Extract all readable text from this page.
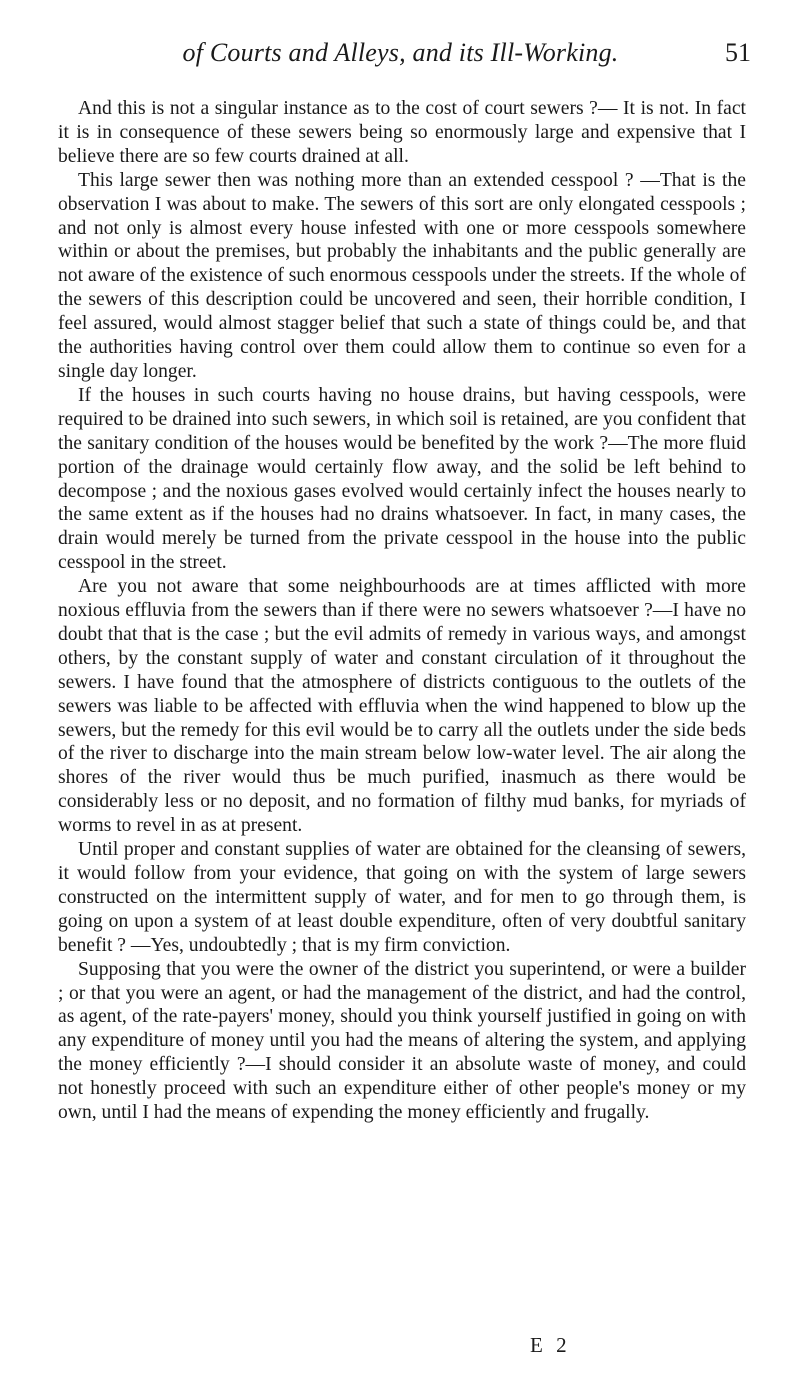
of Courts and Alleys, and its Ill-Working.	51

And this is not a singular instance as to the cost of court sewers ?— It is not. In fact it is in consequence of these sewers being so enormously large and expensive that I believe there are so few courts drained at all.

This large sewer then was nothing more than an extended cesspool ? —That is the observation I was about to make. The sewers of this sort are only elongated cesspools ; and not only is almost every house infested with one or more cesspools somewhere within or about the premises, but probably the inhabitants and the public generally are not aware of the existence of such enormous cesspools under the streets. If the whole of the sewers of this description could be uncovered and seen, their horrible condition, I feel assured, would almost stagger belief that such a state of things could be, and that the authorities having control over them could allow them to continue so even for a single day longer.

If the houses in such courts having no house drains, but having cesspools, were required to be drained into such sewers, in which soil is retained, are you confident that the sanitary condition of the houses would be benefited by the work ?—The more fluid portion of the drainage would certainly flow away, and the solid be left behind to decompose ; and the noxious gases evolved would certainly infect the houses nearly to the same extent as if the houses had no drains whatsoever. In fact, in many cases, the drain would merely be turned from the private cesspool in the house into the public cesspool in the street.

Are you not aware that some neighbourhoods are at times afflicted with more noxious effluvia from the sewers than if there were no sewers whatsoever ?—I have no doubt that that is the case ; but the evil admits of remedy in various ways, and amongst others, by the constant supply of water and constant circulation of it throughout the sewers. I have found that the atmosphere of districts contiguous to the outlets of the sewers was liable to be affected with effluvia when the wind happened to blow up the sewers, but the remedy for this evil would be to carry all the outlets under the side beds of the river to discharge into the main stream below low-water level. The air along the shores of the river would thus be much purified, inasmuch as there would be considerably less or no deposit, and no formation of filthy mud banks, for myriads of worms to revel in as at present.

Until proper and constant supplies of water are obtained for the cleansing of sewers, it would follow from your evidence, that going on with the system of large sewers constructed on the intermittent supply of water, and for men to go through them, is going on upon a system of at least double expenditure, often of very doubtful sanitary benefit ? —Yes, undoubtedly ; that is my firm conviction.

Supposing that you were the owner of the district you superintend, or were a builder ; or that you were an agent, or had the management of the district, and had the control, as agent, of the rate-payers' money, should you think yourself justified in going on with any expenditure of money until you had the means of altering the system, and applying the money efficiently ?—I should consider it an absolute waste of money, and could not honestly proceed with such an expenditure either of other people's money or my own, until I had the means of expending the money efficiently and frugally.

E 2
